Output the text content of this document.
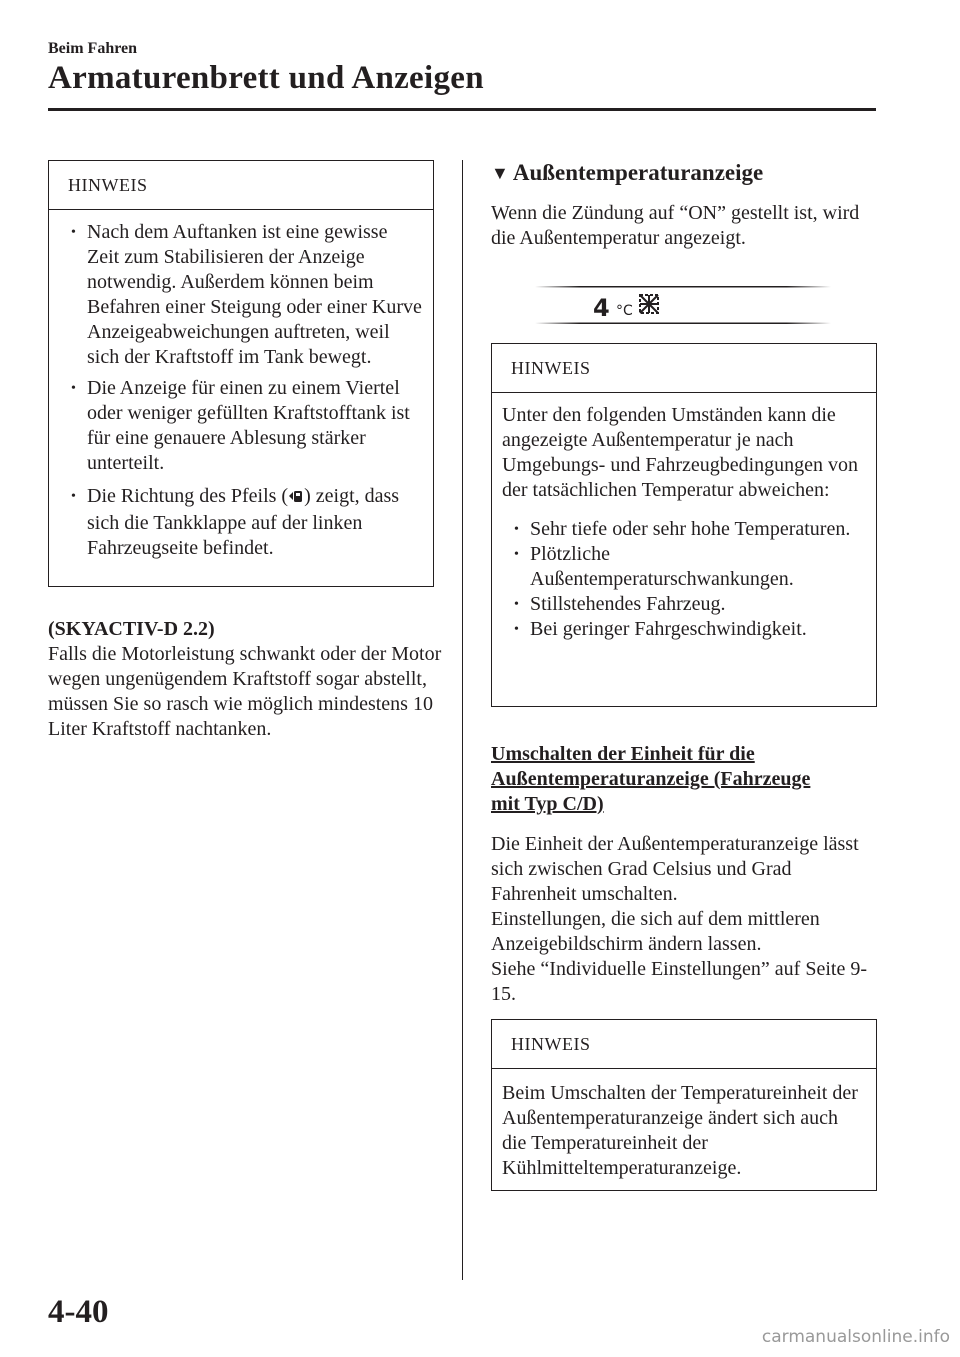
Beim Fahren
Armaturenbrett und Anzeigen
HINWEIS
• Nach dem Auftanken ist eine gewisse Zeit zum Stabilisieren der Anzeige notwendig. Außerdem können beim Befahren einer Steigung oder einer Kurve Anzeigeabweichungen auftreten, weil sich der Kraftstoff im Tank bewegt.
• Die Anzeige für einen zu einem Viertel oder weniger gefüllten Kraftstofftank ist für eine genauere Ablesung stärker unterteilt.
• Die Richtung des Pfeils ( ) zeigt, dass sich die Tankklappe auf der linken Fahrzeugseite befindet.
(SKYACTIV-D 2.2)
Falls die Motorleistung schwankt oder der Motor wegen ungenügendem Kraftstoff sogar abstellt, müssen Sie so rasch wie möglich mindestens 10 Liter Kraftstoff nachtanken.
▼ Außentemperaturanzeige
Wenn die Zündung auf “ON” gestellt ist, wird die Außentemperatur angezeigt.
4 °C
HINWEIS
Unter den folgenden Umständen kann die angezeigte Außentemperatur je nach Umgebungs- und Fahrzeugbedingungen von der tatsächlichen Temperatur abweichen:
• Sehr tiefe oder sehr hohe Temperaturen.
• Plötzliche Außentemperaturschwankungen.
• Stillstehendes Fahrzeug.
• Bei geringer Fahrgeschwindigkeit.
Umschalten der Einheit für die
Außentemperaturanzeige (Fahrzeuge
mit Typ C/D)
Die Einheit der Außentemperaturanzeige lässt sich zwischen Grad Celsius und Grad Fahrenheit umschalten.
Einstellungen, die sich auf dem mittleren Anzeigebildschirm ändern lassen.
Siehe “Individuelle Einstellungen” auf Seite 9-15.
HINWEIS
Beim Umschalten der Temperatureinheit der Außentemperaturanzeige ändert sich auch die Temperatureinheit der Kühlmitteltemperaturanzeige.
4-40
carmanualsonline.info
